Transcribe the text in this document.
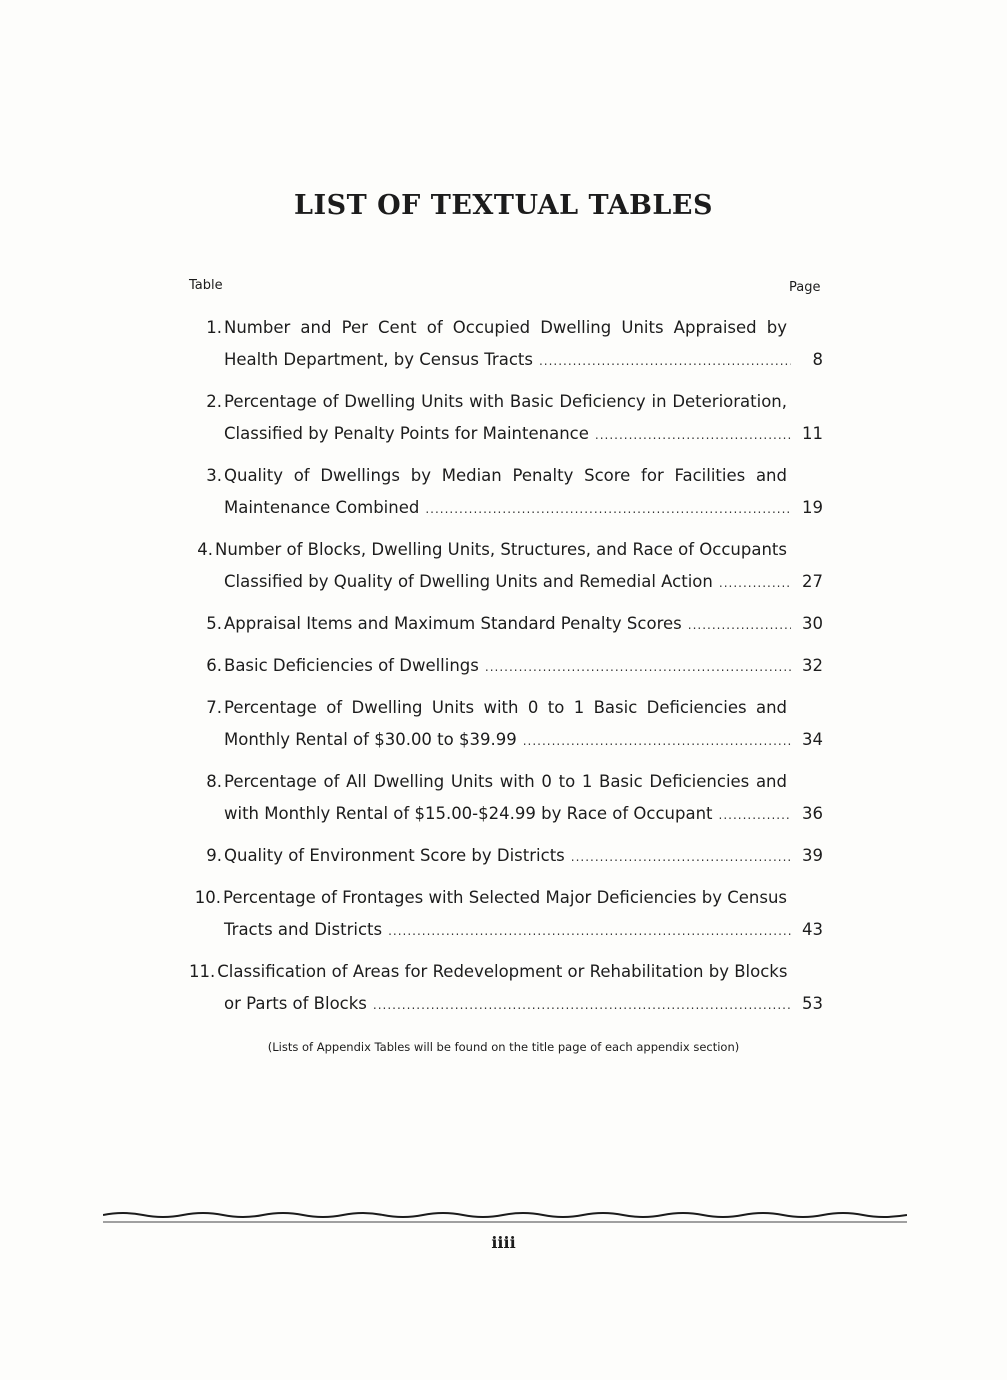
LIST OF TEXTUAL TABLES
Table	Page
1. Number and Per Cent of Occupied Dwelling Units Appraised by
Health Department, by Census Tracts .....	8
2. Percentage of Dwelling Units with Basic Deficiency in Deterioration,
Classified by Penalty Points for Maintenance .....	11
3. Quality of Dwellings by Median Penalty Score for Facilities and
Maintenance Combined .....	19
4. Number of Blocks, Dwelling Units, Structures, and Race of Occupants
Classified by Quality of Dwelling Units and Remedial Action .....	27
5. Appraisal Items and Maximum Standard Penalty Scores .....	30
6. Basic Deficiencies of Dwellings .....	32
7. Percentage of Dwelling Units with 0 to 1 Basic Deficiencies and
Monthly Rental of $30.00 to $39.99 .....	34
8. Percentage of All Dwelling Units with 0 to 1 Basic Deficiencies and
with Monthly Rental of $15.00-$24.99 by Race of Occupant .....	36
9. Quality of Environment Score by Districts .....	39
10. Percentage of Frontages with Selected Major Deficiencies by Census
Tracts and Districts .....	43
11. Classification of Areas for Redevelopment or Rehabilitation by Blocks
or Parts of Blocks .....	53
(Lists of Appendix Tables will be found on the title page of each appendix section)
iiii
